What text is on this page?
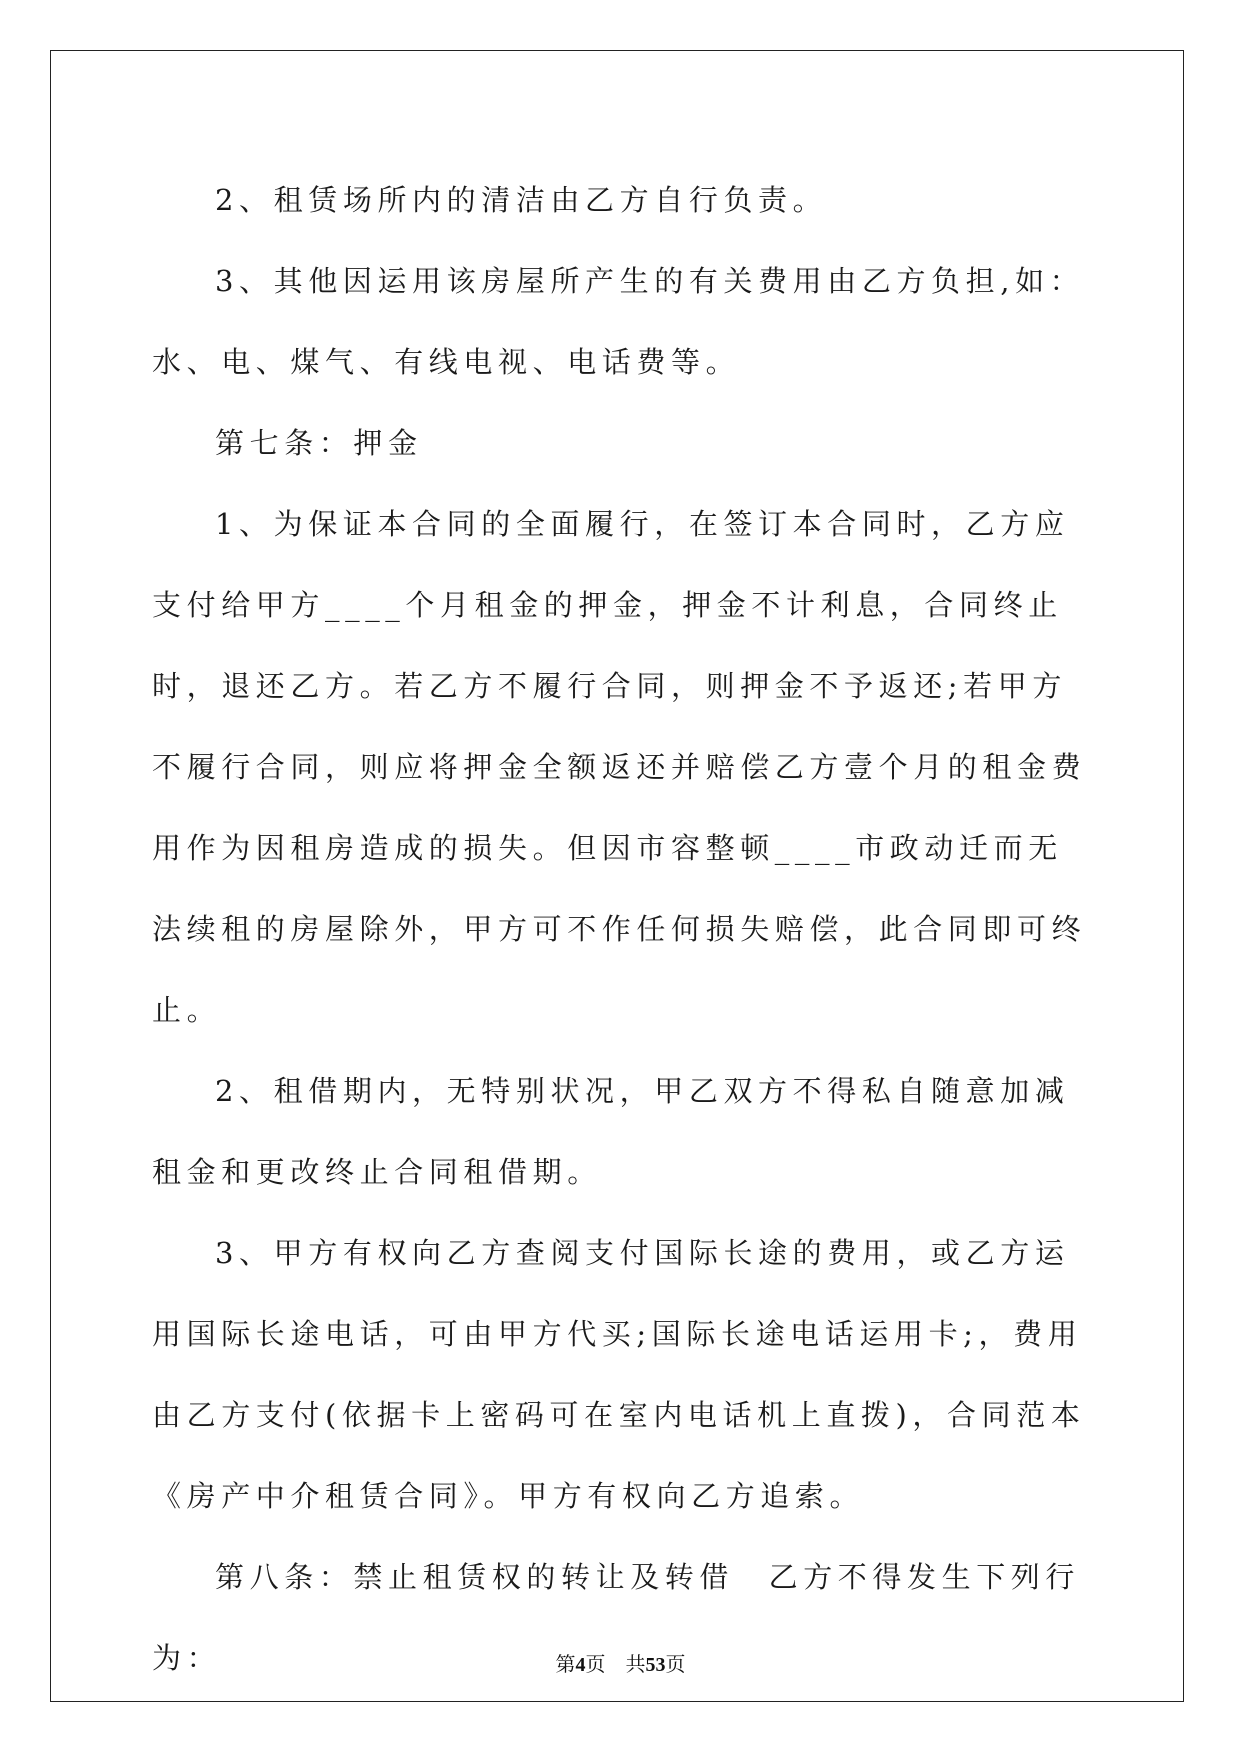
2、租赁场所内的清洁由乙方自行负责。

3、其他因运用该房屋所产生的有关费用由乙方负担,如：水、电、煤气、有线电视、电话费等。

第七条：押金

1、为保证本合同的全面履行，在签订本合同时，乙方应支付给甲方____个月租金的押金，押金不计利息，合同终止时，退还乙方。若乙方不履行合同，则押金不予返还;若甲方不履行合同，则应将押金全额返还并赔偿乙方壹个月的租金费用作为因租房造成的损失。但因市容整顿____市政动迁而无法续租的房屋除外，甲方可不作任何损失赔偿，此合同即可终止。

2、租借期内，无特别状况，甲乙双方不得私自随意加减租金和更改终止合同租借期。

3、甲方有权向乙方查阅支付国际长途的费用，或乙方运用国际长途电话，可由甲方代买;国际长途电话运用卡;，费用由乙方支付(依据卡上密码可在室内电话机上直拨)，合同范本《房产中介租赁合同》。甲方有权向乙方追索。

第八条：禁止租赁权的转让及转借　乙方不得发生下列行为：	第4页 共53页
